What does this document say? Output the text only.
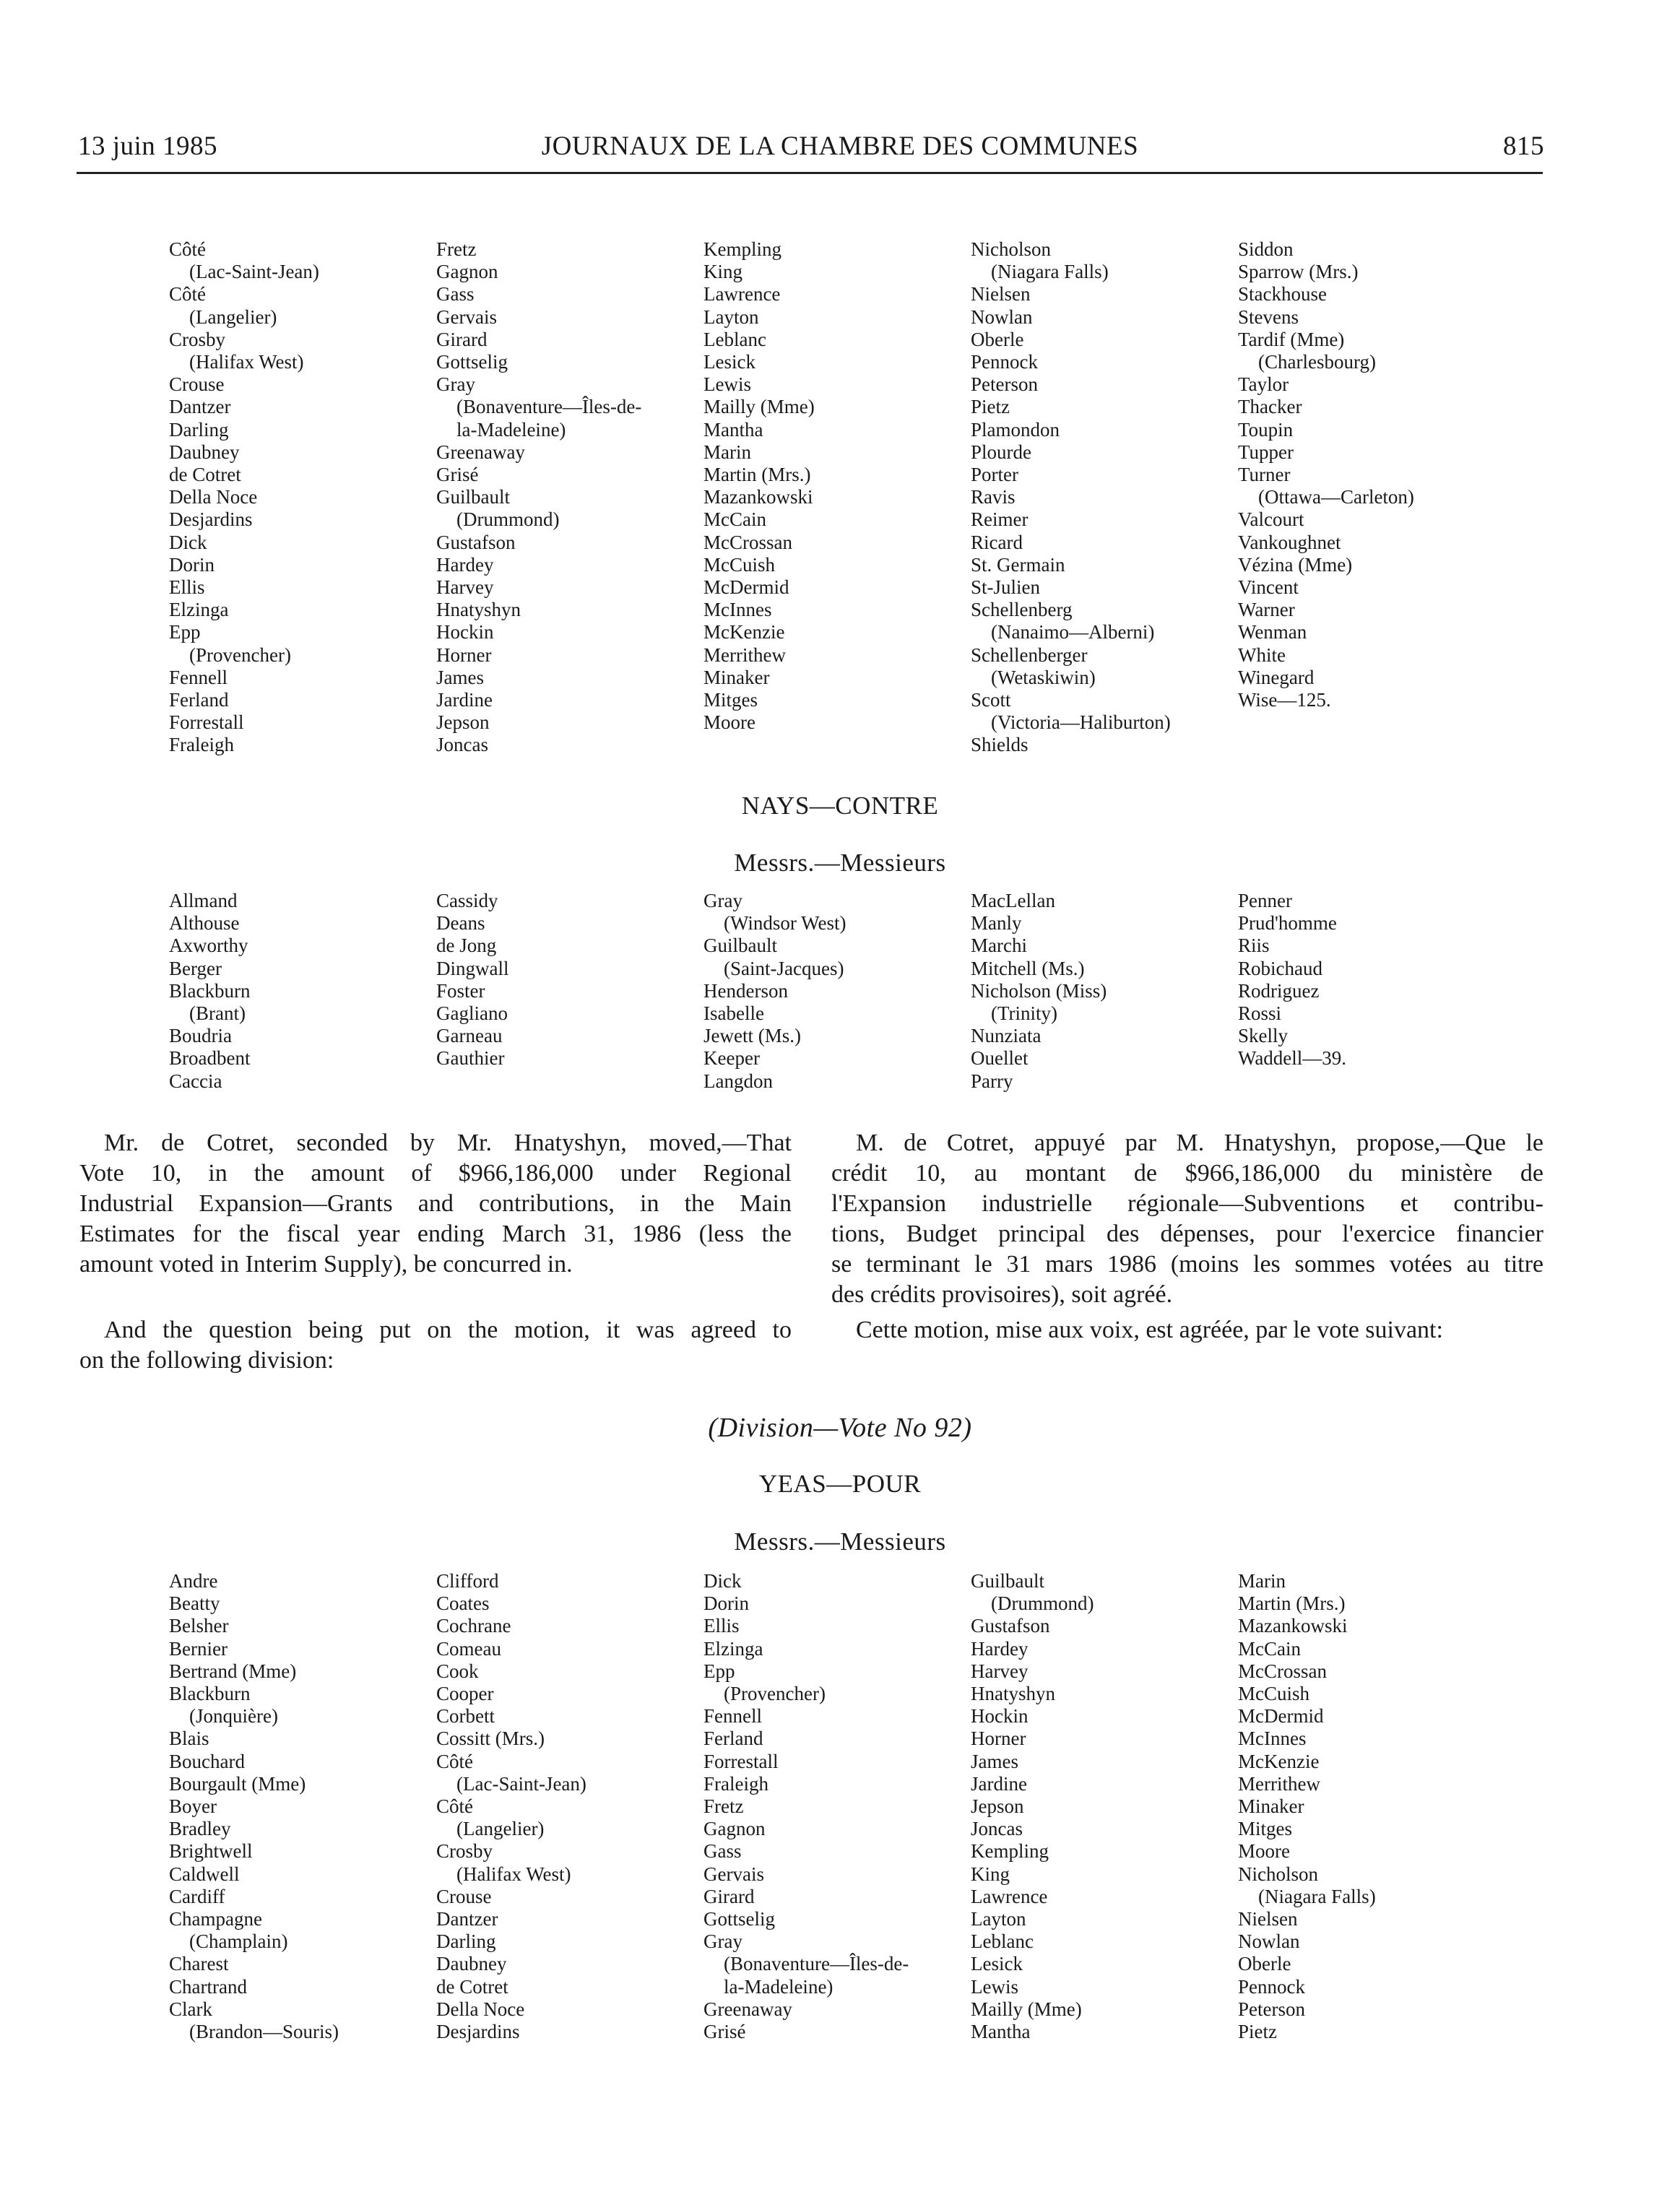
JOURNAUX DE LA CHAMBRE DES COMMUNES
13 juin 1985	815
Côté
(Lac-Saint-Jean)
Côté
(Langelier)
Crosby
(Halifax West)
Crouse
Dantzer
Darling
Daubney
de Cotret
Della Noce
Desjardins
Dick
Dorin
Ellis
Elzinga
Epp
(Provencher)
Fennell
Ferland
Forrestall
Fraleigh
Fretz
Gagnon
Gass
Gervais
Girard
Gottselig
Gray
(Bonaventure—Îles-de-
la-Madeleine)
Greenaway
Grisé
Guilbault
(Drummond)
Gustafson
Hardey
Harvey
Hnatyshyn
Hockin
Horner
James
Jardine
Jepson
Joncas
Kempling
King
Lawrence
Layton
Leblanc
Lesick
Lewis
Mailly (Mme)
Mantha
Marin
Martin (Mrs.)
Mazankowski
McCain
McCrossan
McCuish
McDermid
McInnes
McKenzie
Merrithew
Minaker
Mitges
Moore
Nicholson
(Niagara Falls)
Nielsen
Nowlan
Oberle
Pennock
Peterson
Pietz
Plamondon
Plourde
Porter
Ravis
Reimer
Ricard
St. Germain
St-Julien
Schellenberg
(Nanaimo—Alberni)
Schellenberger
(Wetaskiwin)
Scott
(Victoria—Haliburton)
Shields
Siddon
Sparrow (Mrs.)
Stackhouse
Stevens
Tardif (Mme)
(Charlesbourg)
Taylor
Thacker
Toupin
Tupper
Turner
(Ottawa—Carleton)
Valcourt
Vankoughnet
Vézina (Mme)
Vincent
Warner
Wenman
White
Winegard
Wise—125.
NAYS—CONTRE
Messrs.—Messieurs
Allmand
Althouse
Axworthy
Berger
Blackburn
(Brant)
Boudria
Broadbent
Caccia
Cassidy
Deans
de Jong
Dingwall
Foster
Gagliano
Garneau
Gauthier
Gray
(Windsor West)
Guilbault
(Saint-Jacques)
Henderson
Isabelle
Jewett (Ms.)
Keeper
Langdon
MacLellan
Manly
Marchi
Mitchell (Ms.)
Nicholson (Miss)
(Trinity)
Nunziata
Ouellet
Parry
Penner
Prud'homme
Riis
Robichaud
Rodriguez
Rossi
Skelly
Waddell—39.
Mr. de Cotret, seconded by Mr. Hnatyshyn, moved,—That
Vote 10, in the amount of $966,186,000 under Regional
Industrial Expansion—Grants and contributions, in the Main
Estimates for the fiscal year ending March 31, 1986 (less the
amount voted in Interim Supply), be concurred in.
And the question being put on the motion, it was agreed to
on the following division:
M. de Cotret, appuyé par M. Hnatyshyn, propose,—Que le
crédit 10, au montant de $966,186,000 du ministère de
l'Expansion industrielle régionale—Subventions et contribu-
tions, Budget principal des dépenses, pour l'exercice financier
se terminant le 31 mars 1986 (moins les sommes votées au titre
des crédits provisoires), soit agréé.
Cette motion, mise aux voix, est agréée, par le vote suivant:
(Division—Vote No 92)
YEAS—POUR
Messrs.—Messieurs
Andre
Beatty
Belsher
Bernier
Bertrand (Mme)
Blackburn
(Jonquière)
Blais
Bouchard
Bourgault (Mme)
Boyer
Bradley
Brightwell
Caldwell
Cardiff
Champagne
(Champlain)
Charest
Chartrand
Clark
(Brandon—Souris)
Clifford
Coates
Cochrane
Comeau
Cook
Cooper
Corbett
Cossitt (Mrs.)
Côté
(Lac-Saint-Jean)
Côté
(Langelier)
Crosby
(Halifax West)
Crouse
Dantzer
Darling
Daubney
de Cotret
Della Noce
Desjardins
Dick
Dorin
Ellis
Elzinga
Epp
(Provencher)
Fennell
Ferland
Forrestall
Fraleigh
Fretz
Gagnon
Gass
Gervais
Girard
Gottselig
Gray
(Bonaventure—Îles-de-
la-Madeleine)
Greenaway
Grisé
Guilbault
(Drummond)
Gustafson
Hardey
Harvey
Hnatyshyn
Hockin
Horner
James
Jardine
Jepson
Joncas
Kempling
King
Lawrence
Layton
Leblanc
Lesick
Lewis
Mailly (Mme)
Mantha
Marin
Martin (Mrs.)
Mazankowski
McCain
McCrossan
McCuish
McDermid
McInnes
McKenzie
Merrithew
Minaker
Mitges
Moore
Nicholson
(Niagara Falls)
Nielsen
Nowlan
Oberle
Pennock
Peterson
Pietz
